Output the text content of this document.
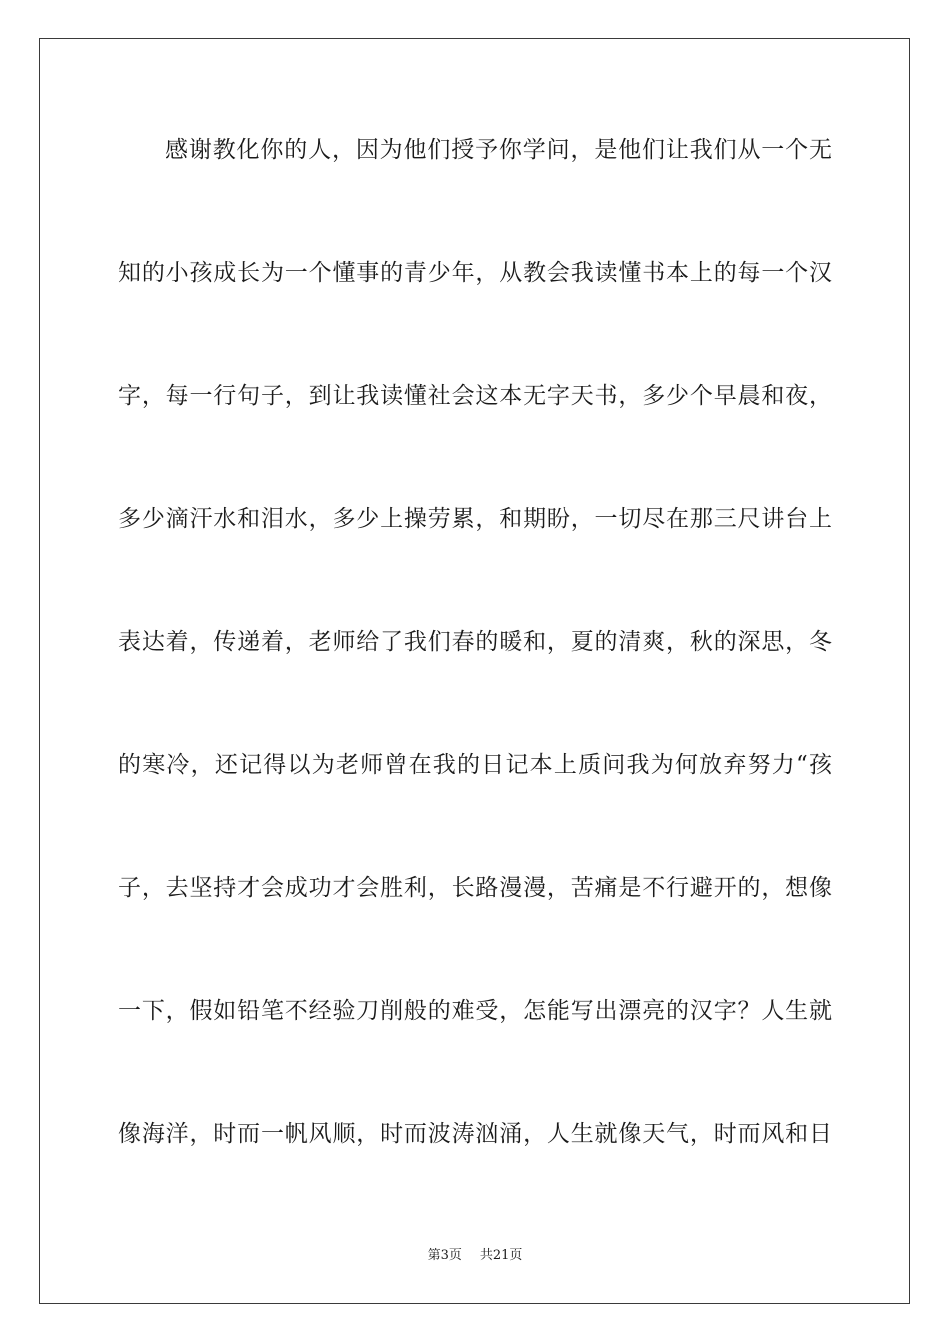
感谢教化你的人，因为他们授予你学问，是他们让我们从一个无
知的小孩成长为一个懂事的青少年，从教会我读懂书本上的每一个汉
字，每一行句子，到让我读懂社会这本无字天书，多少个早晨和夜，
多少滴汗水和泪水，多少上操劳累，和期盼，一切尽在那三尺讲台上
表达着，传递着，老师给了我们春的暖和，夏的清爽，秋的深思，冬
的寒冷，还记得以为老师曾在我的日记本上质问我为何放弃努力“孩
子，去坚持才会成功才会胜利，长路漫漫，苦痛是不行避开的，想像
一下，假如铅笔不经验刀削般的难受，怎能写出漂亮的汉字？人生就
像海洋，时而一帆风顺，时而波涛汹涌，人生就像天气，时而风和日
第3页 共21页
